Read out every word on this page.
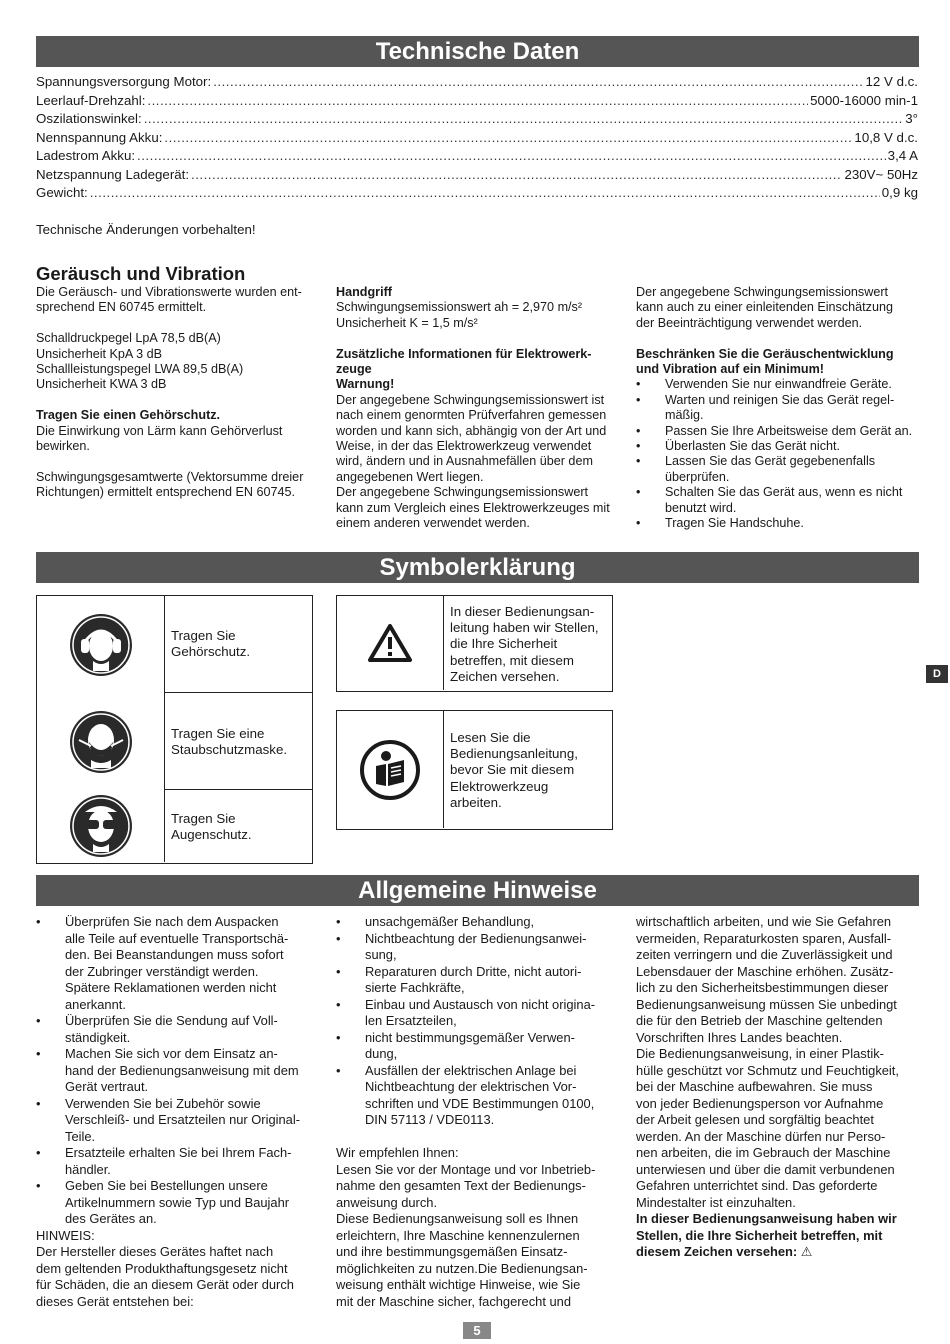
Technische Daten
Spannungsversorgung Motor: .....	12 V d.c.
Leerlauf-Drehzahl: .....	5000-16000 min-1
Oszilationswinkel: .....	3°
Nennspannung Akku: .....	10,8 V d.c.
Ladestrom Akku: .....	3,4 A
Netzspannung Ladegerät: .....	230V~ 50Hz
Gewicht: .....	0,9 kg
Technische Änderungen vorbehalten!
Geräusch und Vibration

Die Geräusch- und Vibrationswerte wurden ent-

sprechend EN 60745 ermittelt.

Schalldruckpegel LpA 78,5 dB(A)

Unsicherheit KpA 3 dB

Schallleistungspegel LWA 89,5 dB(A)

Unsicherheit KWA 3 dB

Tragen Sie einen Gehörschutz.

Die Einwirkung von Lärm kann Gehörverlust

bewirken.

Schwingungsgesamtwerte (Vektorsumme dreier

Richtungen) ermittelt entsprechend EN 60745.

Handgriff

Schwingungsemissionswert ah = 2,970 m/s²

Unsicherheit K = 1,5 m/s²

Zusätzliche Informationen für Elektrowerk-

zeuge

Warnung!

Der angegebene Schwingungsemissionswert ist

nach einem genormten Prüfverfahren gemessen

worden und kann sich, abhängig von der Art und

Weise, in der das Elektrowerkzeug verwendet

wird, ändern und in Ausnahmefällen über dem

angegebenen Wert liegen.

Der angegebene Schwingungsemissionswert

kann zum Vergleich eines Elektrowerkzeuges mit

einem anderen verwendet werden.

Der angegebene Schwingungsemissionswert

kann auch zu einer einleitenden Einschätzung

der Beeinträchtigung verwendet werden.

Beschränken Sie die Geräuschentwicklung

und Vibration auf ein Minimum!

• Verwenden Sie nur einwandfreie Geräte.
• Warten und reinigen Sie das Gerät regel-
mäßig.
• Passen Sie Ihre Arbeitsweise dem Gerät an.
• Überlasten Sie das Gerät nicht.
• Lassen Sie das Gerät gegebenenfalls
überprüfen.
• Schalten Sie das Gerät aus, wenn es nicht
benutzt wird.
• Tragen Sie Handschuhe.
Symbolerklärung
Tragen Sie
Gehörschutz.
Tragen Sie eine
Staubschutzmaske.
Tragen Sie
Augenschutz.
In dieser Bedienungsan-
leitung haben wir Stellen,
die Ihre Sicherheit
betreffen, mit diesem
Zeichen versehen.
Lesen Sie die
Bedienungsanleitung,
bevor Sie mit diesem
Elektrowerkzeug
arbeiten.
D
Allgemeine Hinweise
• Überprüfen Sie nach dem Auspacken
alle Teile auf eventuelle Transportschä-
den. Bei Beanstandungen muss sofort
der Zubringer verständigt werden.
Spätere Reklamationen werden nicht
anerkannt.
• Überprüfen Sie die Sendung auf Voll-
ständigkeit.
• Machen Sie sich vor dem Einsatz an-
hand der Bedienungsanweisung mit dem
Gerät vertraut.
• Verwenden Sie bei Zubehör sowie
Verschleiß- und Ersatzteilen nur Original-
Teile.
• Ersatzteile erhalten Sie bei Ihrem Fach-
händler.
• Geben Sie bei Bestellungen unsere
Artikelnummern sowie Typ und Baujahr
des Gerätes an.

HINWEIS:

Der Hersteller dieses Gerätes haftet nach

dem geltenden Produkthaftungsgesetz nicht

für Schäden, die an diesem Gerät oder durch

dieses Gerät entstehen bei:

• unsachgemäßer Behandlung,
• Nichtbeachtung der Bedienungsanwei-
sung,
• Reparaturen durch Dritte, nicht autori-
sierte Fachkräfte,
• Einbau und Austausch von nicht origina-
len Ersatzteilen,
• nicht bestimmungsgemäßer Verwen-
dung,
• Ausfällen der elektrischen Anlage bei
Nichtbeachtung der elektrischen Vor-
schriften und VDE Bestimmungen 0100,
DIN 57113 / VDE0113.

Wir empfehlen Ihnen:

Lesen Sie vor der Montage und vor Inbetrieb-

nahme den gesamten Text der Bedienungs-

anweisung durch.

Diese Bedienungsanweisung soll es Ihnen

erleichtern, Ihre Maschine kennenzulernen

und ihre bestimmungsgemäßen Einsatz-

möglichkeiten zu nutzen.Die Bedienungsan-

weisung enthält wichtige Hinweise, wie Sie

mit der Maschine sicher, fachgerecht und

wirtschaftlich arbeiten, und wie Sie Gefahren

vermeiden, Reparaturkosten sparen, Ausfall-

zeiten verringern und die Zuverlässigkeit und

Lebensdauer der Maschine erhöhen. Zusätz-

lich zu den Sicherheitsbestimmungen dieser

Bedienungsanweisung müssen Sie unbedingt

die für den Betrieb der Maschine geltenden

Vorschriften Ihres Landes beachten.

Die Bedienungsanweisung, in einer Plastik-

hülle geschützt vor Schmutz und Feuchtigkeit,

bei der Maschine aufbewahren. Sie muss

von jeder Bedienungsperson vor Aufnahme

der Arbeit gelesen und sorgfältig beachtet

werden. An der Maschine dürfen nur Perso-

nen arbeiten, die im Gebrauch der Maschine

unterwiesen und über die damit verbundenen

Gefahren unterrichtet sind. Das geforderte

Mindestalter ist einzuhalten.

In dieser Bedienungsanweisung haben wir

Stellen, die Ihre Sicherheit betreffen, mit

diesem Zeichen versehen: ⚠

5
